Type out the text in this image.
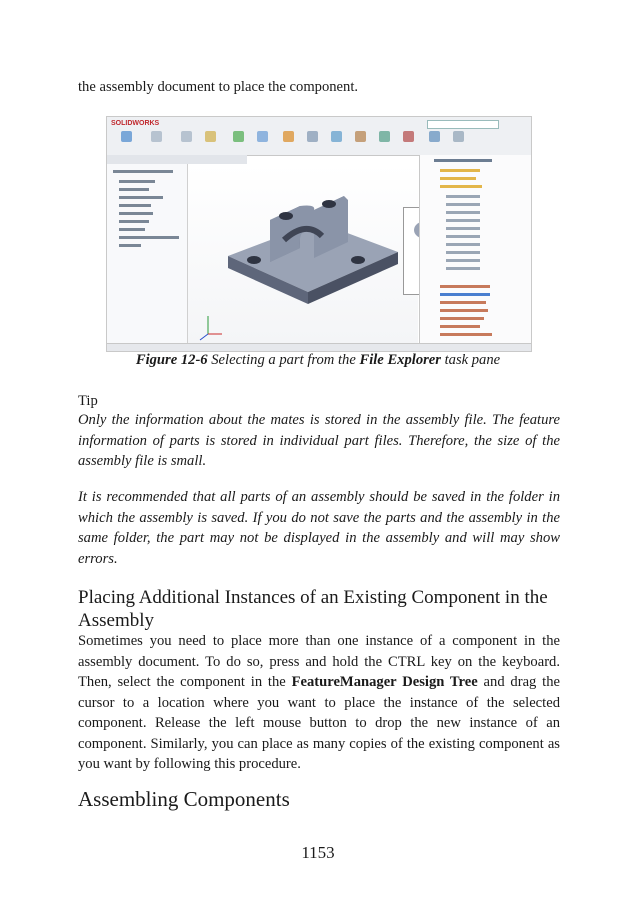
the assembly document to place the component.

SOLIDWORKS

Figure 12-6 Selecting a part from the File Explorer task pane

Tip

Only the information about the mates is stored in the assembly file. The feature information of parts is stored in individual part files. Therefore, the size of the assembly file is small.

It is recommended that all parts of an assembly should be saved in the folder in which the assembly is saved. If you do not save the parts and the assembly in the same folder, the part may not be displayed in the assembly and will may show errors.

Placing Additional Instances of an Existing Component in the Assembly

Sometimes you need to place more than one instance of a component in the assembly document. To do so, press and hold the CTRL key on the keyboard. Then, select the component in the FeatureManager Design Tree and drag the cursor to a location where you want to place the instance of the selected component. Release the left mouse button to drop the new instance of an component. Similarly, you can place as many copies of the existing component as you want by following this procedure.

Assembling Components

1153
